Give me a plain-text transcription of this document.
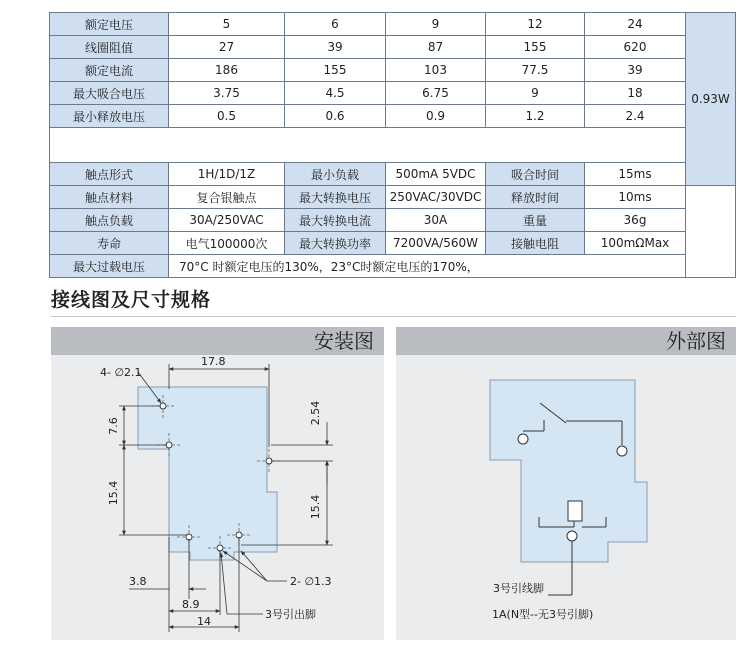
额定电压	5	6	9	12	24	0.93W
线圈阻值	27	39	87	155	620	
额定电流	186	155	103	77.5	39	
最大吸合电压	3.75	4.5	6.75	9	18	
最小释放电压	0.5	0.6	0.9	1.2	2.4	

触点形式	1H/1D/1Z	最小负载	500mA 5VDC	吸合时间	15ms	
触点材料	复合银触点	最大转换电压	250VAC/30VDC	释放时间	10ms	
触点负载	30A/250VAC	最大转换电流	30A	重量	36g	
寿命	电气100000次	最大转换功率	7200VA/560W	接触电阻	100mΩMax	
最大过载电压	70°C 时额定电压的130%，23°C时额定电压的170%，					
接线图及尺寸规格
4- ∅2.1
17.8
7.6
2.54
15.4
15.4
2- ∅1.3
3.8
8.9
14
3号引出脚
安装图
3号引线脚
1A(N型--无3号引脚)
外部图
